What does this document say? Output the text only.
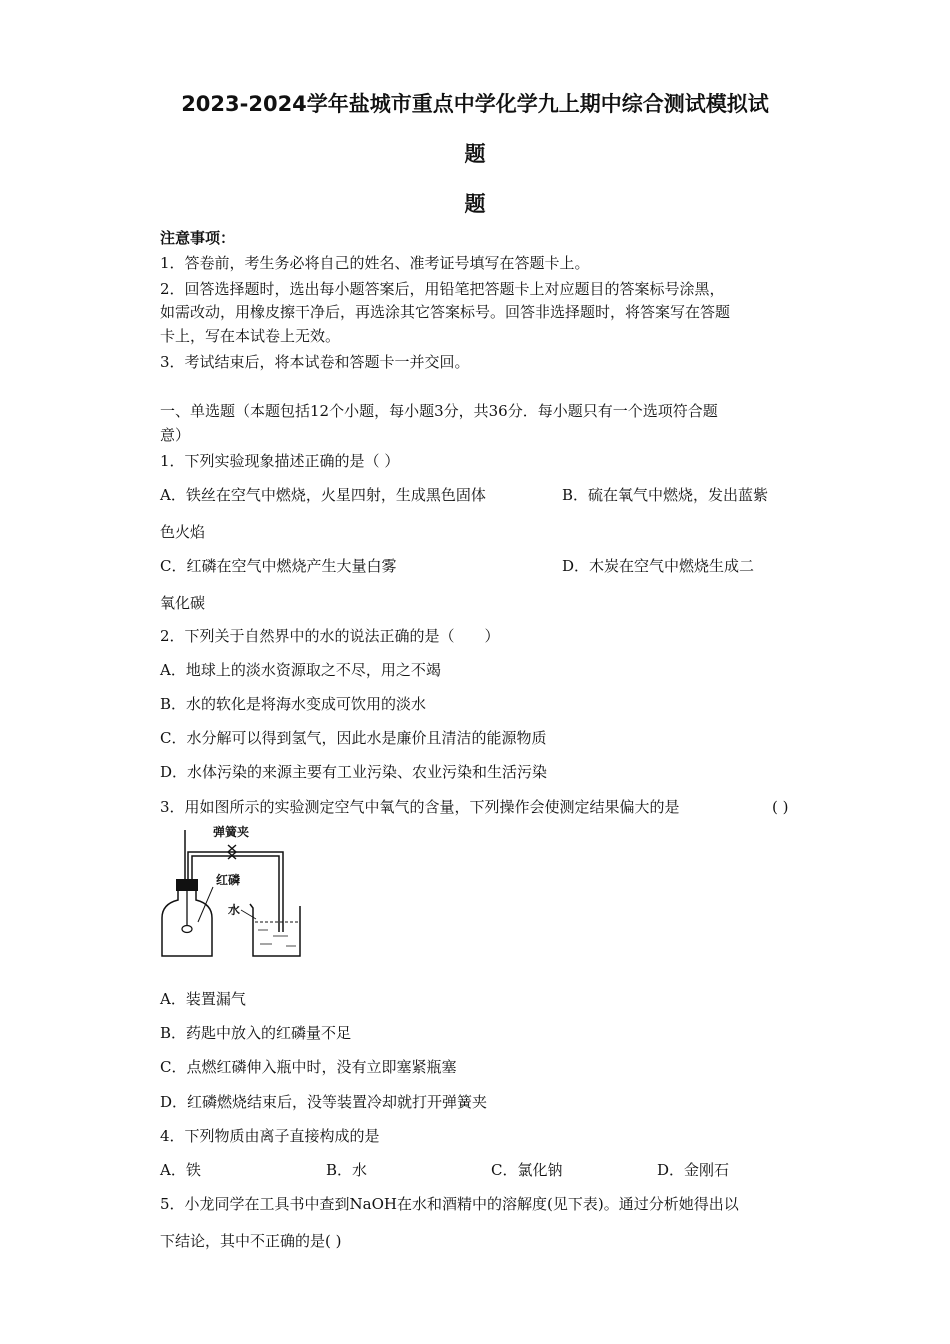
2023-2024学年盐城市重点中学化学九上期中综合测试模拟试
题
题
注意事项：
1．答卷前，考生务必将自己的姓名、准考证号填写在答题卡上。
2．回答选择题时，选出每小题答案后，用铅笔把答题卡上对应题目的答案标号涂黑，
如需改动，用橡皮擦干净后，再选涂其它答案标号。回答非选择题时，将答案写在答题
卡上，写在本试卷上无效。
3．考试结束后，将本试卷和答题卡一并交回。
一、单选题（本题包括12个小题，每小题3分，共36分．每小题只有一个选项符合题
意）
1．下列实验现象描述正确的是（ ）
A．铁丝在空气中燃烧，火星四射，生成黑色固体	B．硫在氧气中燃烧，发出蓝紫
色火焰
C．红磷在空气中燃烧产生大量白雾	D．木炭在空气中燃烧生成二
氧化碳
2．下列关于自然界中的水的说法正确的是（　　）
A．地球上的淡水资源取之不尽，用之不竭
B．水的软化是将海水变成可饮用的淡水
C．水分解可以得到氢气，因此水是廉价且清洁的能源物质
D．水体污染的来源主要有工业污染、农业污染和生活污染
3．用如图所示的实验测定空气中氧气的含量，下列操作会使测定结果偏大的是	( )
弹簧夹
红磷
水
A．装置漏气
B．药匙中放入的红磷量不足
C．点燃红磷伸入瓶中时，没有立即塞紧瓶塞
D．红磷燃烧结束后，没等装置冷却就打开弹簧夹
4．下列物质由离子直接构成的是
A．铁	B．水	C．氯化钠	D．金刚石
5．小龙同学在工具书中查到NaOH在水和酒精中的溶解度(见下表)。通过分析她得出以
下结论，其中不正确的是( )
